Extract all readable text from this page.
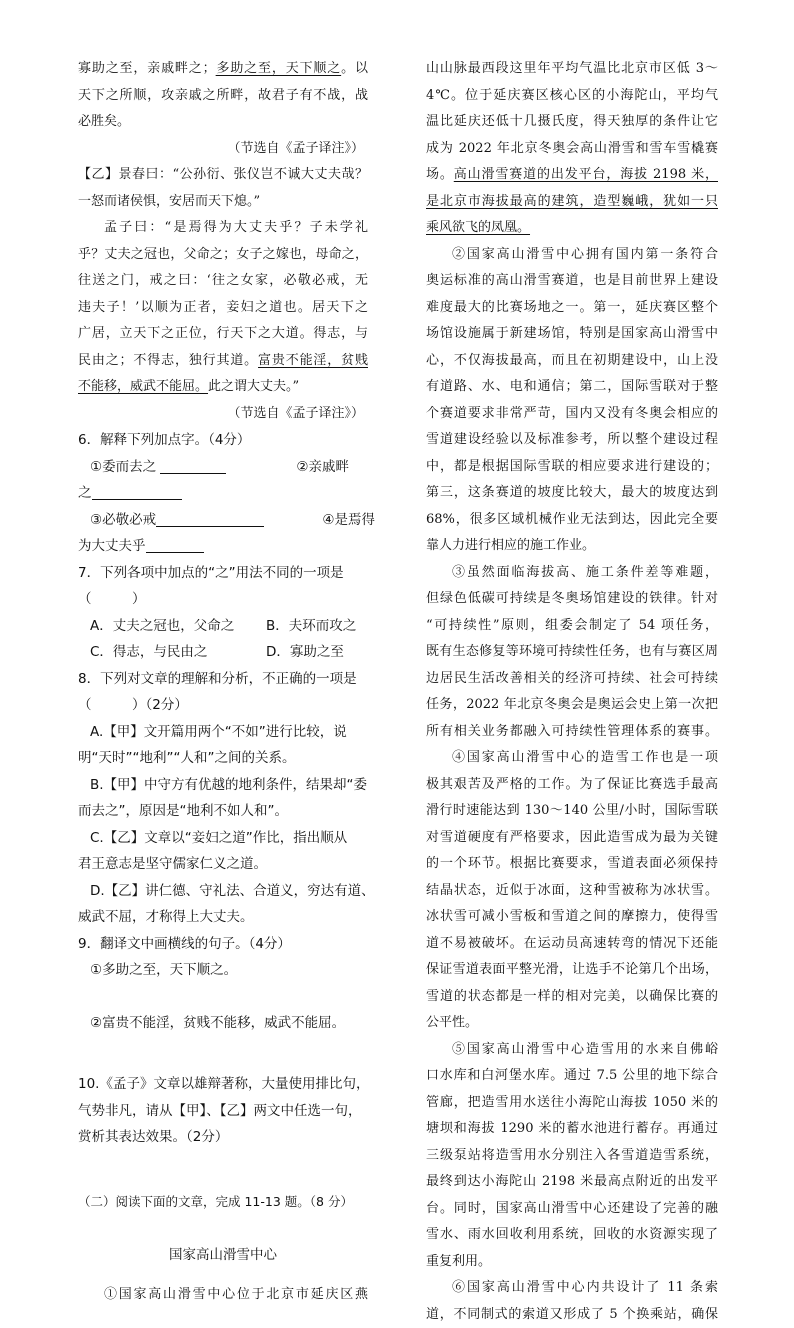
寡助之至，亲戚畔之；多助之至，天下顺之。以
天下之所顺，攻亲戚之所畔，故君子有不战，战
必胜矣。
（节选自《孟子译注》）
【乙】景春曰：“公孙衍、张仪岂不诚大丈夫哉？
一怒而诸侯惧，安居而天下熄。”
孟子曰：“是焉得为大丈夫乎？子未学礼
乎？丈夫之冠也，父命之；女子之嫁也，母命之，
往送之门，戒之曰：‘往之女家，必敬必戒，无
违夫子！’以顺为正者，妾妇之道也。居天下之
广居，立天下之正位，行天下之大道。得志，与
民由之；不得志，独行其道。富贵不能淫，贫贱
不能移，威武不能屈。此之谓大丈夫。”
（节选自《孟子译注》）
6．解释下列加点字。（4分）
①委而去之	②亲戚畔
之
③必敬必戒	④是焉得
为大丈夫乎
7．下列各项中加点的“之”用法不同的一项是
（　　　）
A．丈夫之冠也，父命之 B．夫环而攻之
C．得志，与民由之	D．寡助之至
8．下列对文章的理解和分析，不正确的一项是
（　　　）（2分）
A.【甲】文开篇用两个“不如”进行比较，说
明“天时”“地利”“人和”之间的关系。
B.【甲】中守方有优越的地利条件，结果却“委
而去之”，原因是“地利不如人和”。
C.【乙】文章以“妾妇之道”作比，指出顺从
君王意志是坚守儒家仁义之道。
D.【乙】讲仁德、守礼法、合道义，穷达有道、
威武不屈，才称得上大丈夫。
9．翻译文中画横线的句子。（4分）
①多助之至，天下顺之。
②富贵不能淫，贫贱不能移，威武不能屈。
10.《孟子》文章以雄辩著称，大量使用排比句，
气势非凡，请从【甲】、【乙】两文中任选一句，
赏析其表达效果。（2分）
（二）阅读下面的文章，完成 11-13 题。（8 分）
国家高山滑雪中心
①国家高山滑雪中心位于北京市延庆区燕
山山脉最西段这里年平均气温比北京市区低 3～
4℃。位于延庆赛区核心区的小海陀山，平均气
温比延庆还低十几摄氏度，得天独厚的条件让它
成为 2022 年北京冬奥会高山滑雪和雪车雪橇赛
场。高山滑雪赛道的出发平台，海拔 2198 米，
是北京市海拔最高的建筑，造型巍峨，犹如一只
乘风欲飞的凤凰。
②国家高山滑雪中心拥有国内第一条符合
奥运标准的高山滑雪赛道，也是目前世界上建设
难度最大的比赛场地之一。第一，延庆赛区整个
场馆设施属于新建场馆，特别是国家高山滑雪中
心，不仅海拔最高，而且在初期建设中，山上没
有道路、水、电和通信；第二，国际雪联对于整
个赛道要求非常严苛，国内又没有冬奥会相应的
雪道建设经验以及标准参考，所以整个建设过程
中，都是根据国际雪联的相应要求进行建设的；
第三，这条赛道的坡度比较大，最大的坡度达到
68%，很多区域机械作业无法到达，因此完全要
靠人力进行相应的施工作业。
③虽然面临海拔高、施工条件差等难题，
但绿色低碳可持续是冬奥场馆建设的铁律。针对
“可持续性”原则，组委会制定了 54 项任务，
既有生态修复等环境可持续性任务，也有与赛区周
边居民生活改善相关的经济可持续、社会可持续
任务，2022 年北京冬奥会是奥运会史上第一次把
所有相关业务都融入可持续性管理体系的赛事。
④国家高山滑雪中心的造雪工作也是一项
极其艰苦及严格的工作。为了保证比赛选手最高
滑行时速能达到 130～140 公里/小时，国际雪联
对雪道硬度有严格要求，因此造雪成为最为关键
的一个环节。根据比赛要求，雪道表面必须保持
结晶状态，近似于冰面，这种雪被称为冰状雪。
冰状雪可减小雪板和雪道之间的摩擦力，使得雪
道不易被破坏。在运动员高速转弯的情况下还能
保证雪道表面平整光滑，让选手不论第几个出场，
雪道的状态都是一样的相对完美，以确保比赛的
公平性。
⑤国家高山滑雪中心造雪用的水来自佛峪
口水库和白河堡水库。通过 7.5 公里的地下综合
管廊，把造雪用水送往小海陀山海拔 1050 米的
塘坝和海拔 1290 米的蓄水池进行蓄存。再通过
三级泵站将造雪用水分别注入各雪道造雪系统，
最终到达小海陀山 2198 米最高点附近的出发平
台。同时，国家高山滑雪中心还建设了完善的融
雪水、雨水回收利用系统，回收的水资源实现了
重复利用。
⑥国家高山滑雪中心内共设计了 11 条索
道，不同制式的索道又形成了 5 个换乘站，确保
